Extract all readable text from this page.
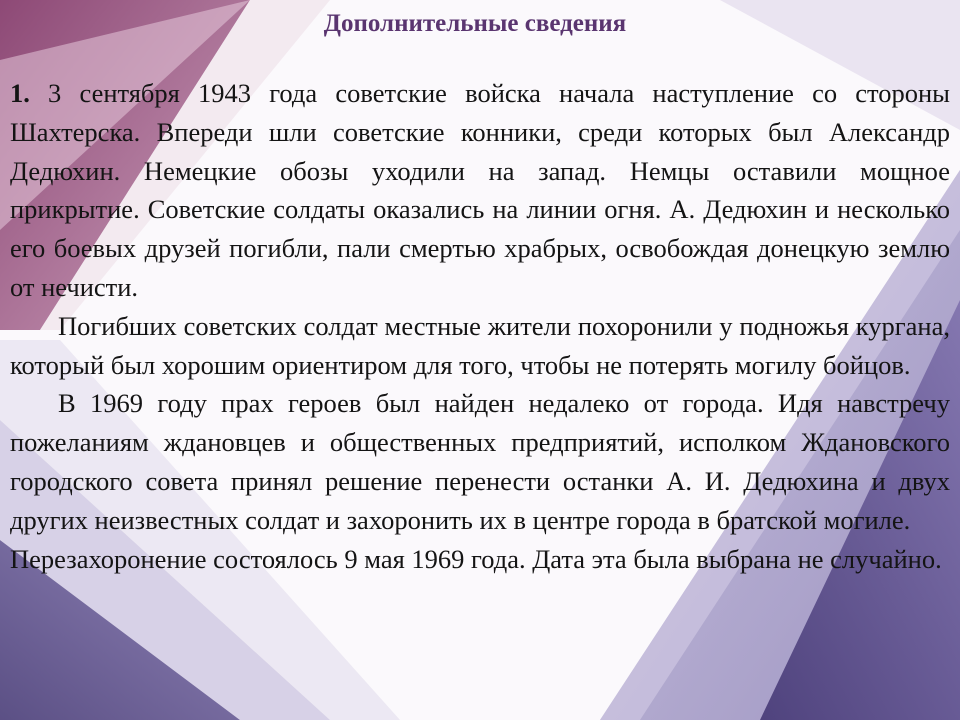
Дополнительные сведения

1. 3 сентября 1943 года советские войска начала наступление со стороны Шахтерска. Впереди шли советские конники, среди которых был Александр Дедюхин. Немецкие обозы уходили на запад. Немцы оставили мощное прикрытие. Советские солдаты оказались на линии огня. А. Дедюхин и несколько его боевых друзей погибли, пали смертью храбрых, освобождая донецкую землю от нечисти.

Погибших советских солдат местные жители похоронили у подножья кургана, который был хорошим ориентиром для того, чтобы не потерять могилу бойцов.

В 1969 году прах героев был найден недалеко от города. Идя навстречу пожеланиям ждановцев и общественных предприятий, исполком Ждановского городского совета принял решение перенести останки А. И. Дедюхина и двух других неизвестных солдат и захоронить их в центре города в братской могиле.

Перезахоронение состоялось 9 мая 1969 года. Дата эта была выбрана не случайно.
